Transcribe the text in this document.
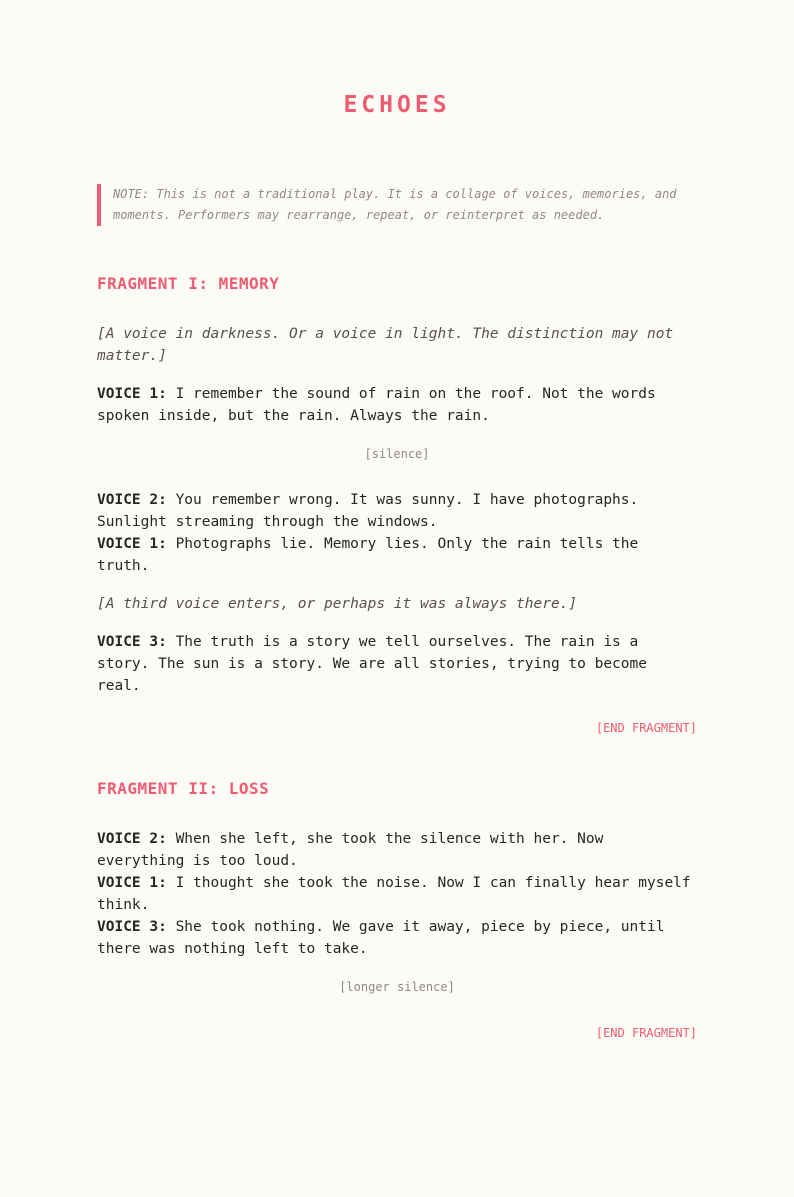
ECHOES
NOTE: This is not a traditional play. It is a collage of voices, memories, and moments. Performers may rearrange, repeat, or reinterpret as needed.
FRAGMENT I: MEMORY

[A voice in darkness. Or a voice in light. The distinction may not matter.]

VOICE 1: I remember the sound of rain on the roof. Not the words spoken inside, but the rain. Always the rain.

[silence]

VOICE 2: You remember wrong. It was sunny. I have photographs. Sunlight streaming through the windows.

VOICE 1: Photographs lie. Memory lies. Only the rain tells the truth.

[A third voice enters, or perhaps it was always there.]

VOICE 3: The truth is a story we tell ourselves. The rain is a story. The sun is a story. We are all stories, trying to become real.

[END FRAGMENT]

FRAGMENT II: LOSS

VOICE 2: When she left, she took the silence with her. Now everything is too loud.

VOICE 1: I thought she took the noise. Now I can finally hear myself think.

VOICE 3: She took nothing. We gave it away, piece by piece, until there was nothing left to take.

[longer silence]

[END FRAGMENT]
